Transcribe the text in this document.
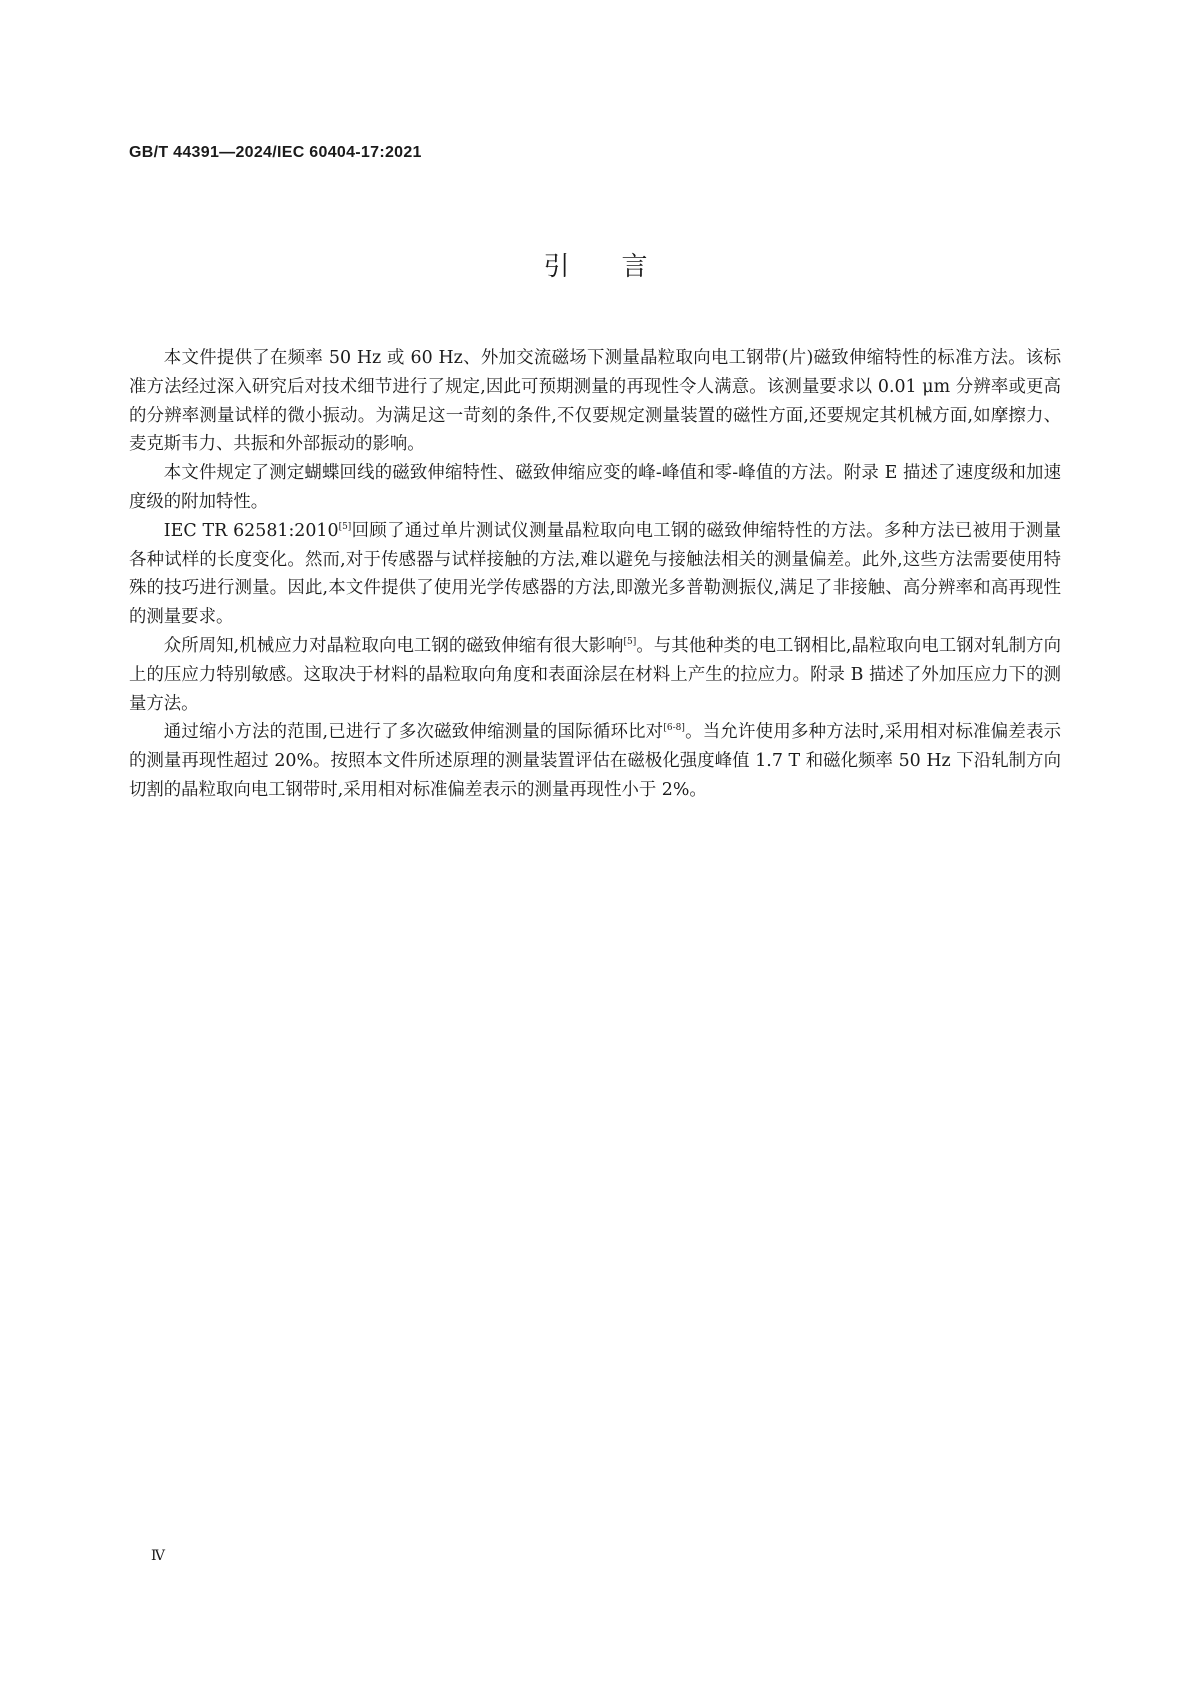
GB/T 44391—2024/IEC 60404-17:2021
引言

本文件提供了在频率 50 Hz 或 60 Hz、外加交流磁场下测量晶粒取向电工钢带(片)磁致伸缩特性的标准方法。该标准方法经过深入研究后对技术细节进行了规定,因此可预期测量的再现性令人满意。该测量要求以 0.01 μm 分辨率或更高的分辨率测量试样的微小振动。为满足这一苛刻的条件,不仅要规定测量装置的磁性方面,还要规定其机械方面,如摩擦力、麦克斯韦力、共振和外部振动的影响。

本文件规定了测定蝴蝶回线的磁致伸缩特性、磁致伸缩应变的峰-峰值和零-峰值的方法。附录 E 描述了速度级和加速度级的附加特性。

IEC TR 62581:2010[5]回顾了通过单片测试仪测量晶粒取向电工钢的磁致伸缩特性的方法。多种方法已被用于测量各种试样的长度变化。然而,对于传感器与试样接触的方法,难以避免与接触法相关的测量偏差。此外,这些方法需要使用特殊的技巧进行测量。因此,本文件提供了使用光学传感器的方法,即激光多普勒测振仪,满足了非接触、高分辨率和高再现性的测量要求。

众所周知,机械应力对晶粒取向电工钢的磁致伸缩有很大影响[5]。与其他种类的电工钢相比,晶粒取向电工钢对轧制方向上的压应力特别敏感。这取决于材料的晶粒取向角度和表面涂层在材料上产生的拉应力。附录 B 描述了外加压应力下的测量方法。

通过缩小方法的范围,已进行了多次磁致伸缩测量的国际循环比对[6-8]。当允许使用多种方法时,采用相对标准偏差表示的测量再现性超过 20%。按照本文件所述原理的测量装置评估在磁极化强度峰值 1.7 T 和磁化频率 50 Hz 下沿轧制方向切割的晶粒取向电工钢带时,采用相对标准偏差表示的测量再现性小于 2%。

Ⅳ
